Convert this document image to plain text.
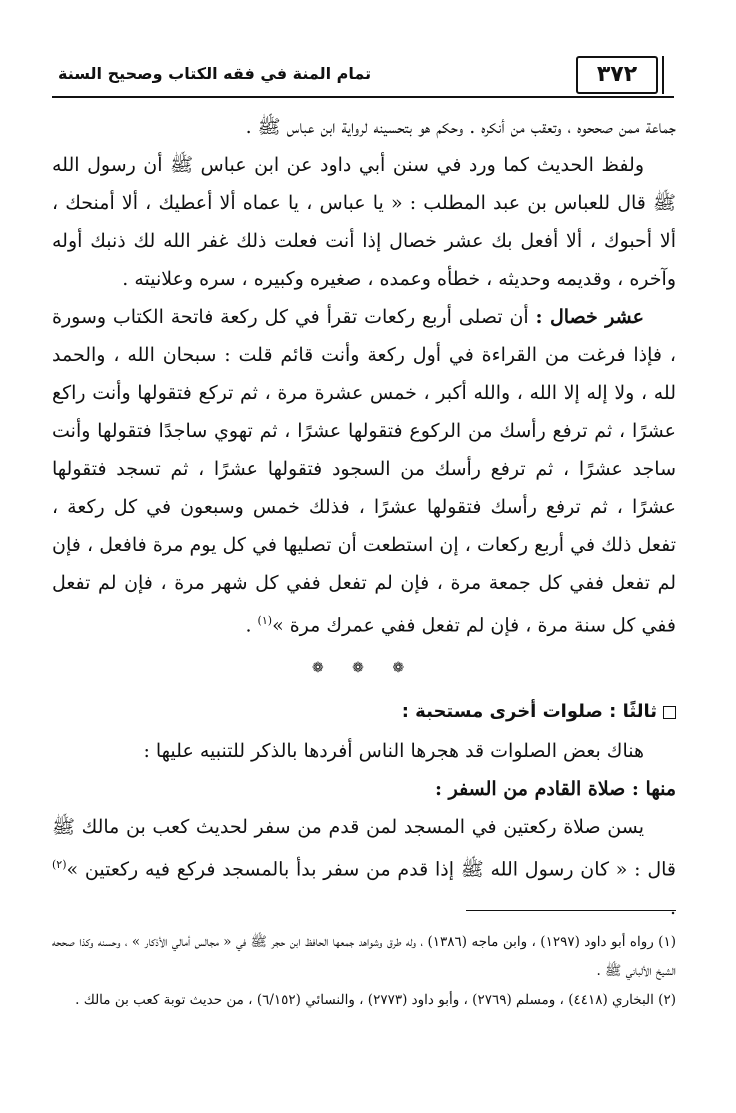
٣٧٢
تمام المنة في فقه الكتاب وصحيح السنة

جماعة ممن صححوه ، وتعقب من أنكره . وحكم هو بتحسينه لرواية ابن عباس ﷺ .

ولفظ الحديث كما ورد في سنن أبي داود عن ابن عباس ﷺ أن رسول الله ﷺ قال للعباس بن عبد المطلب : « يا عباس ، يا عماه ألا أعطيك ، ألا أمنحك ، ألا أحبوك ، ألا أفعل بك عشر خصال إذا أنت فعلت ذلك غفر الله لك ذنبك أوله وآخره ، وقديمه وحديثه ، خطأه وعمده ، صغيره وكبيره ، سره وعلانيته .

عشر خصال : أن تصلى أربع ركعات تقرأ في كل ركعة فاتحة الكتاب وسورة ، فإذا فرغت من القراءة في أول ركعة وأنت قائم قلت : سبحان الله ، والحمد لله ، ولا إله إلا الله ، والله أكبر ، خمس عشرة مرة ، ثم تركع فتقولها وأنت راكع عشرًا ، ثم ترفع رأسك من الركوع فتقولها عشرًا ، ثم تهوي ساجدًا فتقولها وأنت ساجد عشرًا ، ثم ترفع رأسك من السجود فتقولها عشرًا ، ثم تسجد فتقولها عشرًا ، ثم ترفع رأسك فتقولها عشرًا ، فذلك خمس وسبعون في كل ركعة ، تفعل ذلك في أربع ركعات ، إن استطعت أن تصليها في كل يوم مرة فافعل ، فإن لم تفعل ففي كل جمعة مرة ، فإن لم تفعل ففي كل شهر مرة ، فإن لم تفعل ففي كل سنة مرة ، فإن لم تفعل ففي عمرك مرة »$^{(١)}$ .

❁ ❁ ❁
ثالثًا : صلوات أخرى مستحبة :

هناك بعض الصلوات قد هجرها الناس أفردها بالذكر للتنبيه عليها :

منها : صلاة القادم من السفر :

يسن صلاة ركعتين في المسجد لمن قدم من سفر لحديث كعب بن مالك ﷺ قال : « كان رسول الله ﷺ إذا قدم من سفر بدأ بالمسجد فركع فيه ركعتين »$^{(٢)}$ .

(١) رواه أبو داود (١٢٩٧) ، وابن ماجه (١٣٨٦) ، وله طرق وشواهد جمعها الحافظ ابن حجر ﷺ في « مجالس أمالي الأذكار » ، وحسنه وكذا صححه الشيخ الألباني ﷺ .

(٢) البخاري (٤٤١٨) ، ومسلم (٢٧٦٩) ، وأبو داود (٢٧٧٣) ، والنسائي (٦/١٥٢) ، من حديث توبة كعب بن مالك .
